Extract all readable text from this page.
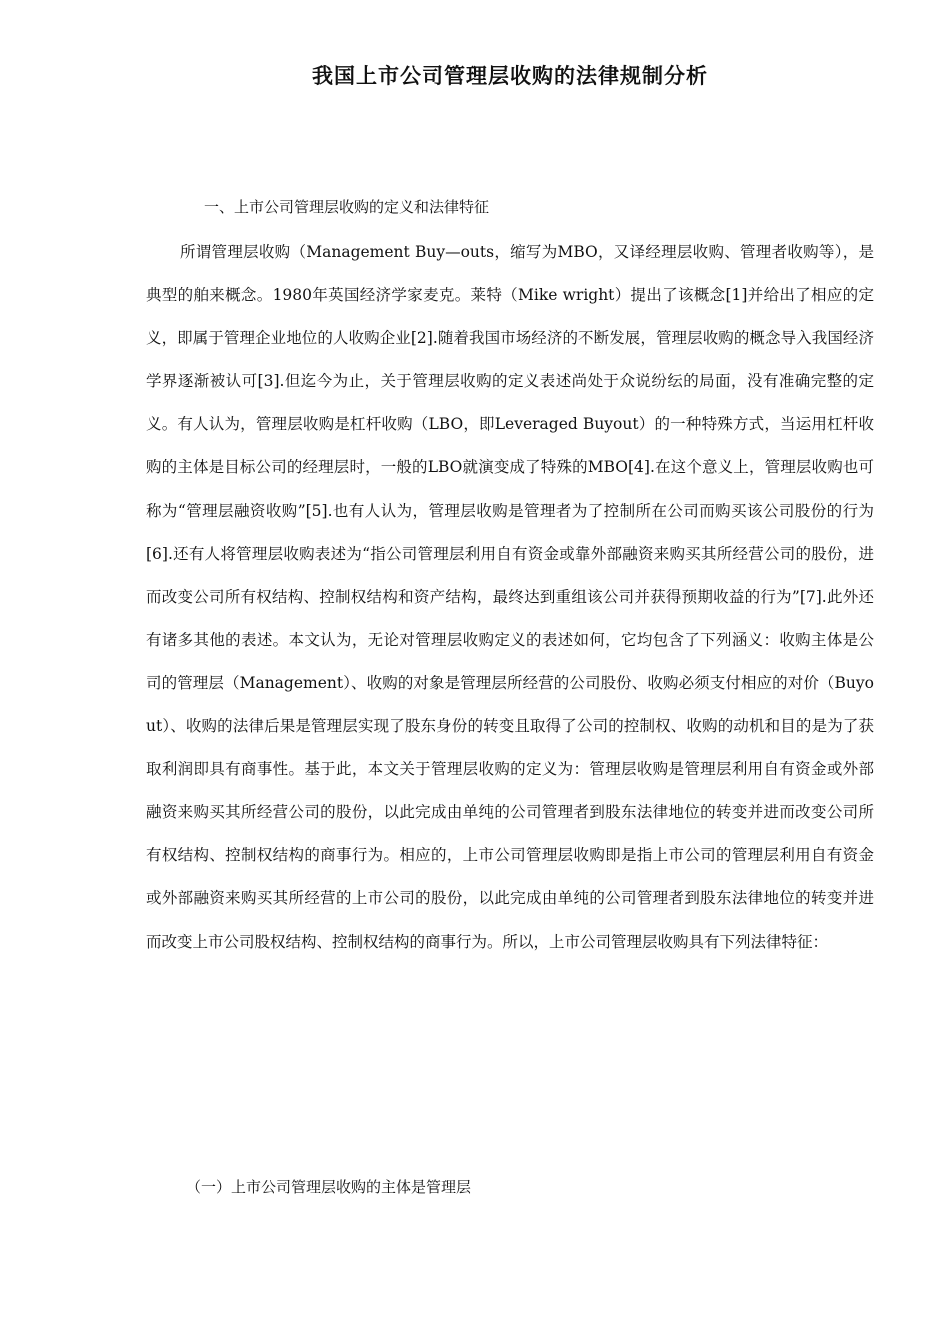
我国上市公司管理层收购的法律规制分析
一、上市公司管理层收购的定义和法律特征

所谓管理层收购（Management Buy—outs，缩写为MBO，又译经理层收购、管理者收购等），是典型的舶来概念。1980年英国经济学家麦克。莱特（Mike wright）提出了该概念[1]并给出了相应的定义，即属于管理企业地位的人收购企业[2].随着我国市场经济的不断发展，管理层收购的概念导入我国经济学界逐渐被认可[3].但迄今为止，关于管理层收购的定义表述尚处于众说纷纭的局面，没有准确完整的定义。有人认为，管理层收购是杠杆收购（LBO，即Leveraged Buyout）的一种特殊方式，当运用杠杆收购的主体是目标公司的经理层时，一般的LBO就演变成了特殊的MBO[4].在这个意义上，管理层收购也可称为“管理层融资收购”[5].也有人认为，管理层收购是管理者为了控制所在公司而购买该公司股份的行为[6].还有人将管理层收购表述为“指公司管理层利用自有资金或靠外部融资来购买其所经营公司的股份，进而改变公司所有权结构、控制权结构和资产结构，最终达到重组该公司并获得预期收益的行为”[7].此外还有诸多其他的表述。本文认为，无论对管理层收购定义的表述如何，它均包含了下列涵义：收购主体是公司的管理层（Management）、收购的对象是管理层所经营的公司股份、收购必须支付相应的对价（Buyout）、收购的法律后果是管理层实现了股东身份的转变且取得了公司的控制权、收购的动机和目的是为了获取利润即具有商事性。基于此，本文关于管理层收购的定义为：管理层收购是管理层利用自有资金或外部融资来购买其所经营公司的股份，以此完成由单纯的公司管理者到股东法律地位的转变并进而改变公司所有权结构、控制权结构的商事行为。相应的，上市公司管理层收购即是指上市公司的管理层利用自有资金或外部融资来购买其所经营的上市公司的股份，以此完成由单纯的公司管理者到股东法律地位的转变并进而改变上市公司股权结构、控制权结构的商事行为。所以，上市公司管理层收购具有下列法律特征：

（一）上市公司管理层收购的主体是管理层
